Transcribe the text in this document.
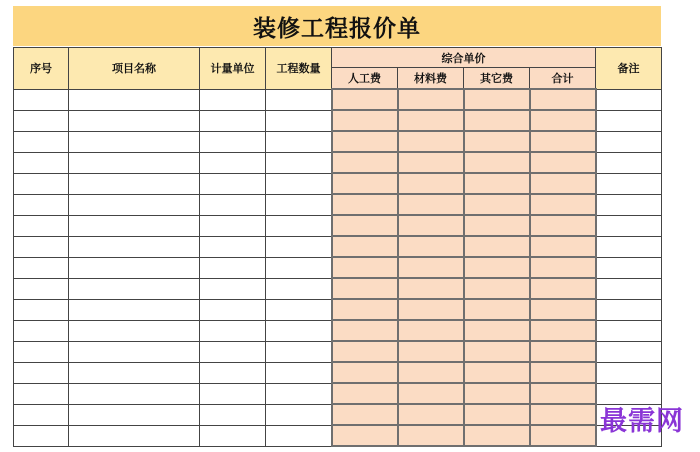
装修工程报价单
序号	项目名称	计量单位	工程数量	综合单价				备注
				人工费	材料费	其它费	合计	

最需网
